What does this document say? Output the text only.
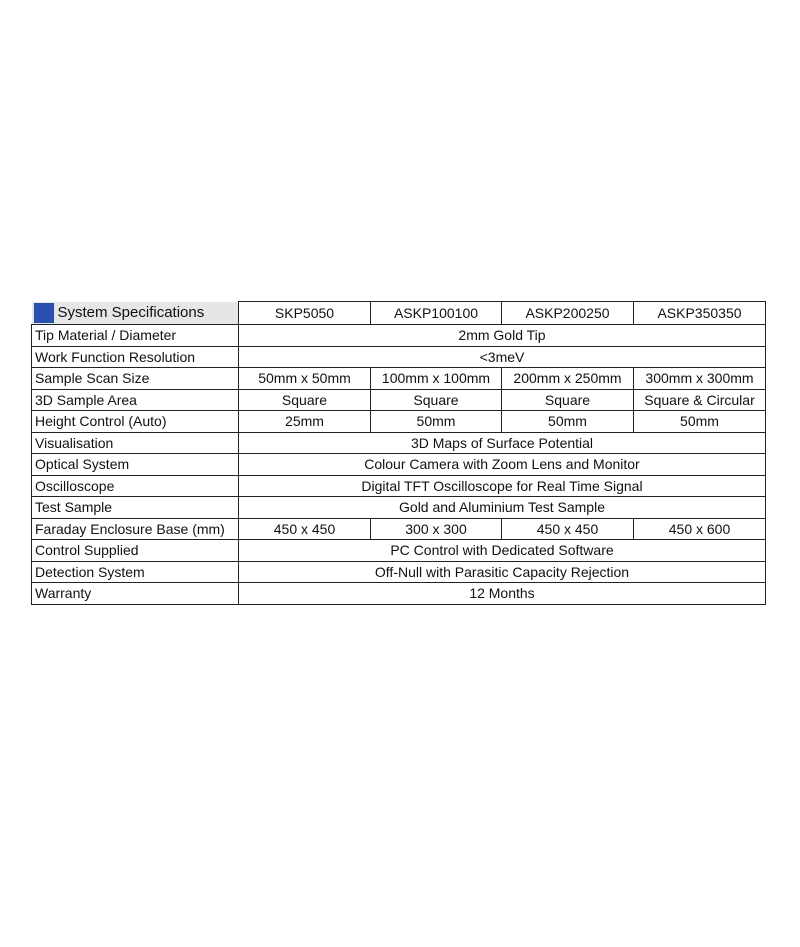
System Specifications	SKP5050	ASKP100100	ASKP200250	ASKP350350
Tip Material / Diameter	2mm Gold Tip			
Work Function Resolution	<3meV			
Sample Scan Size	50mm x 50mm	100mm x 100mm	200mm x 250mm	300mm x 300mm
3D Sample Area	Square	Square	Square	Square & Circular
Height Control (Auto)	25mm	50mm	50mm	50mm
Visualisation	3D Maps of Surface Potential			
Optical System	Colour Camera with Zoom Lens and Monitor			
Oscilloscope	Digital TFT Oscilloscope for Real Time Signal			
Test Sample	Gold and Aluminium Test Sample			
Faraday Enclosure Base (mm)	450 x 450	300 x 300	450 x 450	450 x 600
Control Supplied	PC Control with Dedicated Software			
Detection System	Off-Null with Parasitic Capacity Rejection			
Warranty	12 Months			
